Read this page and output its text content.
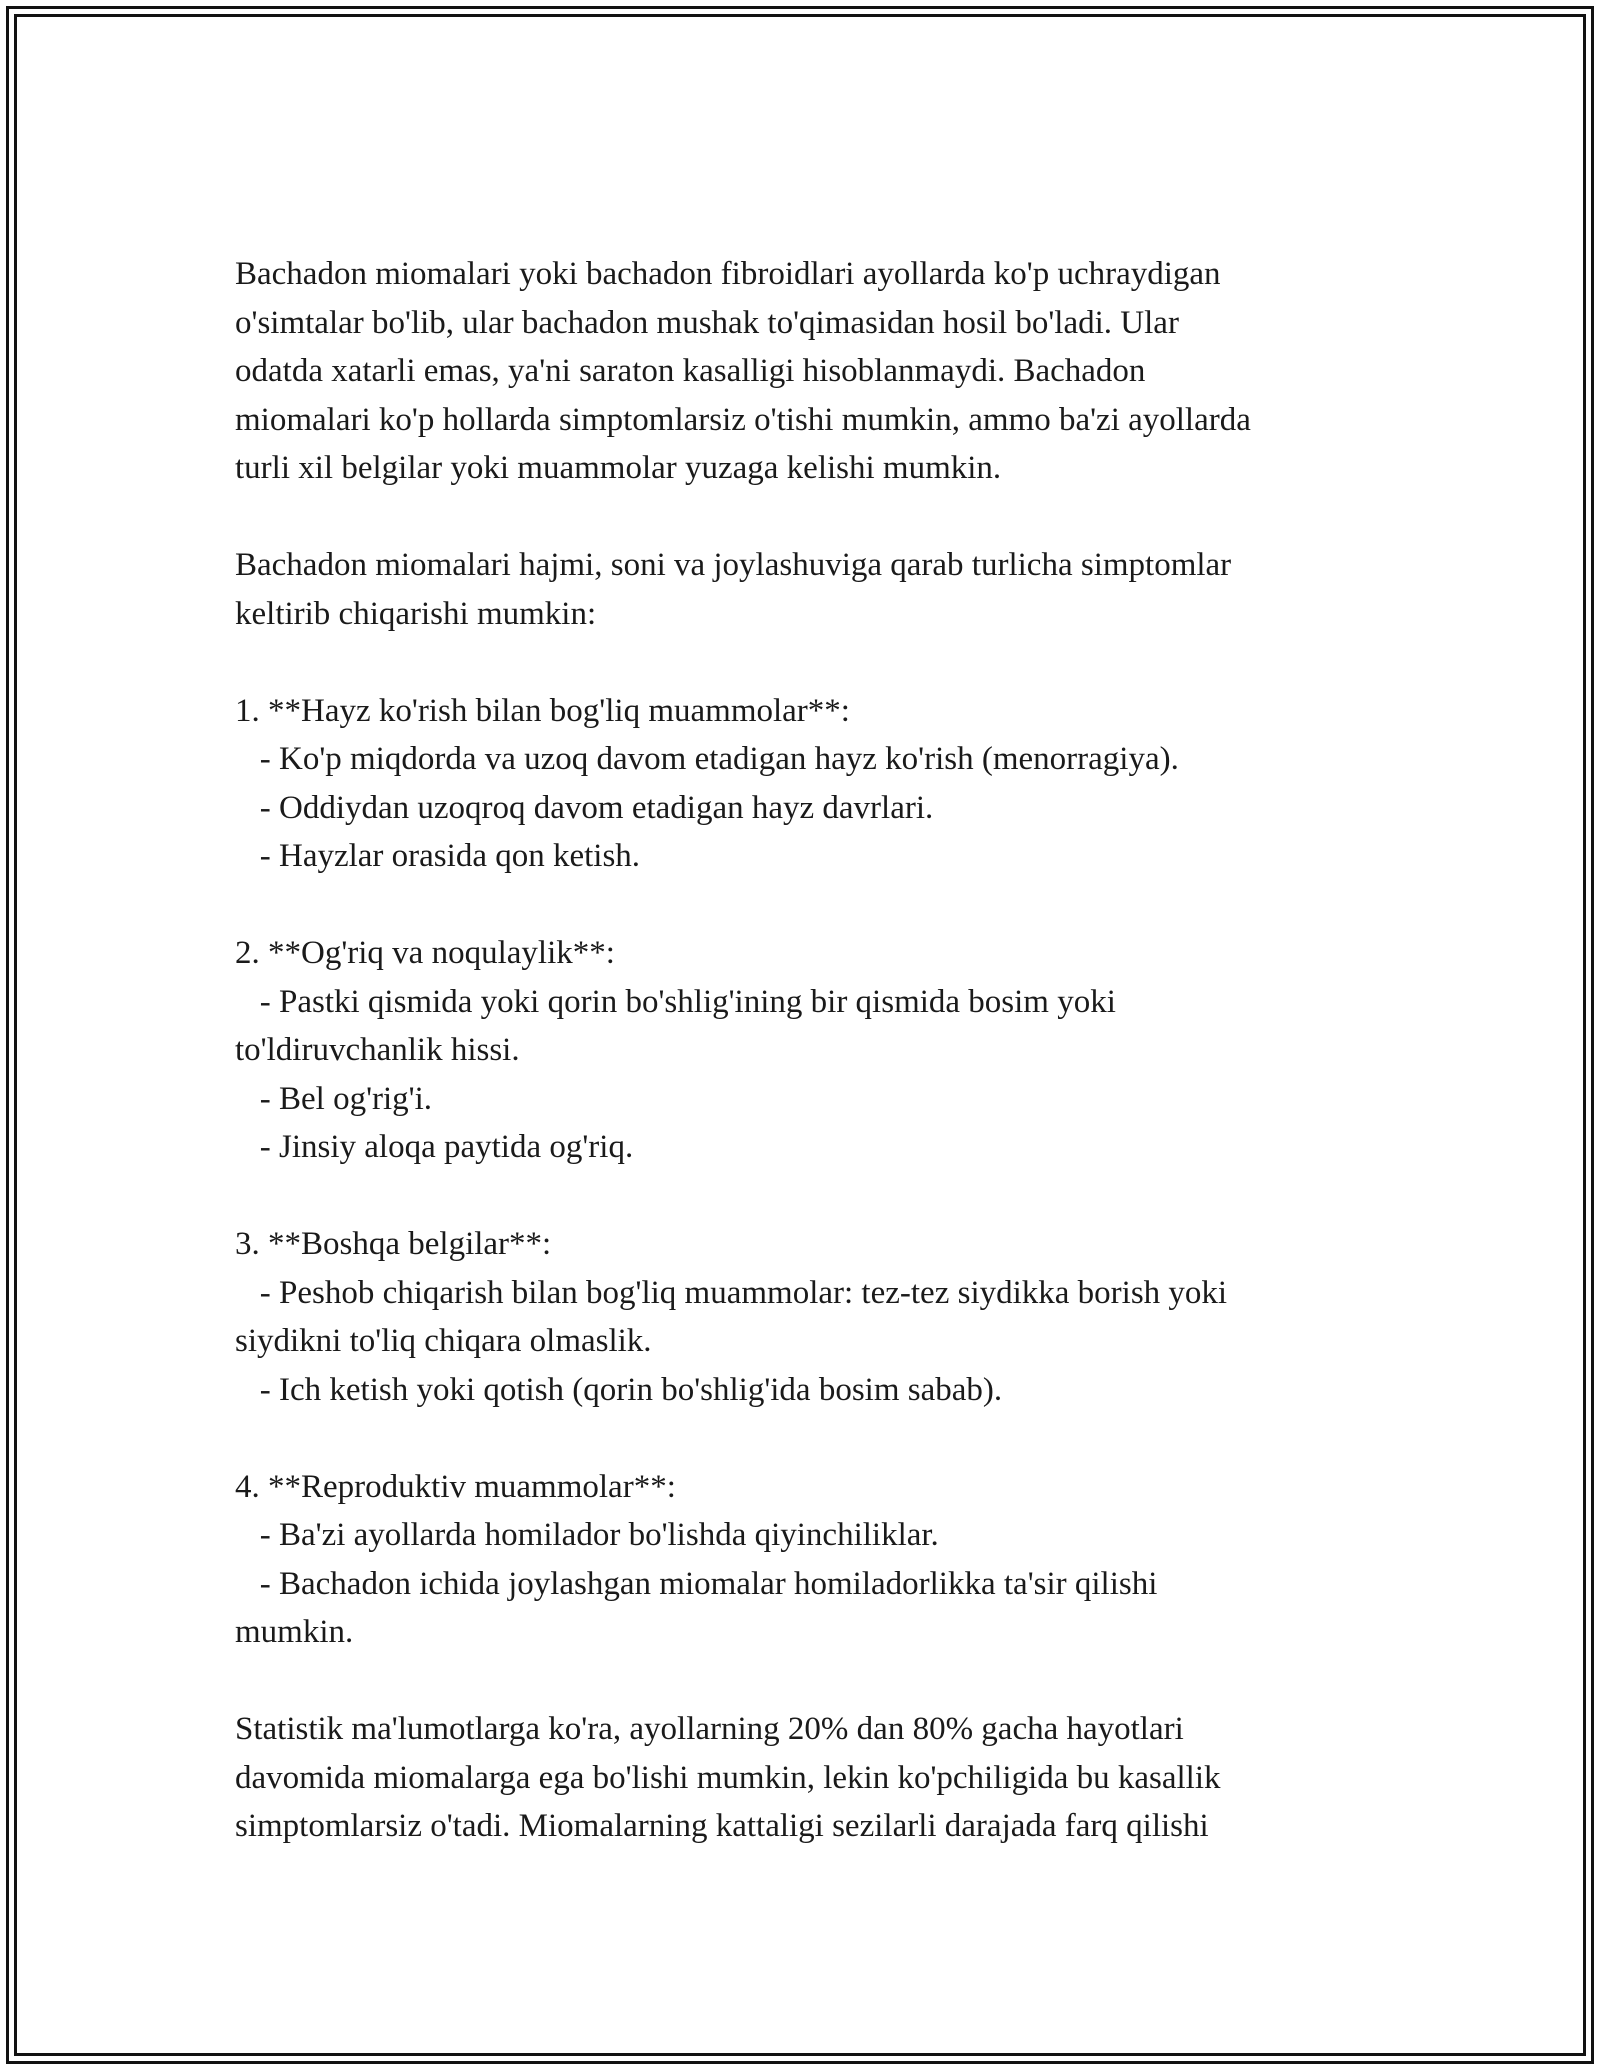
Bachadon miomalari yoki bachadon fibroidlari ayollarda ko'p uchraydigan

o'simtalar bo'lib, ular bachadon mushak to'qimasidan hosil bo'ladi. Ular

odatda xatarli emas, ya'ni saraton kasalligi hisoblanmaydi. Bachadon

miomalari ko'p hollarda simptomlarsiz o'tishi mumkin, ammo ba'zi ayollarda

turli xil belgilar yoki muammolar yuzaga kelishi mumkin.

Bachadon miomalari hajmi, soni va joylashuviga qarab turlicha simptomlar

keltirib chiqarishi mumkin:

1. **Hayz ko'rish bilan bog'liq muammolar**:

- Ko'p miqdorda va uzoq davom etadigan hayz ko'rish (menorragiya).

- Oddiydan uzoqroq davom etadigan hayz davrlari.

- Hayzlar orasida qon ketish.

2. **Og'riq va noqulaylik**:

- Pastki qismida yoki qorin bo'shlig'ining bir qismida bosim yoki

to'ldiruvchanlik hissi.

- Bel og'rig'i.

- Jinsiy aloqa paytida og'riq.

3. **Boshqa belgilar**:

- Peshob chiqarish bilan bog'liq muammolar: tez-tez siydikka borish yoki

siydikni to'liq chiqara olmaslik.

- Ich ketish yoki qotish (qorin bo'shlig'ida bosim sabab).

4. **Reproduktiv muammolar**:

- Ba'zi ayollarda homilador bo'lishda qiyinchiliklar.

- Bachadon ichida joylashgan miomalar homiladorlikka ta'sir qilishi

mumkin.

Statistik ma'lumotlarga ko'ra, ayollarning 20% dan 80% gacha hayotlari

davomida miomalarga ega bo'lishi mumkin, lekin ko'pchiligida bu kasallik

simptomlarsiz o'tadi. Miomalarning kattaligi sezilarli darajada farq qilishi
